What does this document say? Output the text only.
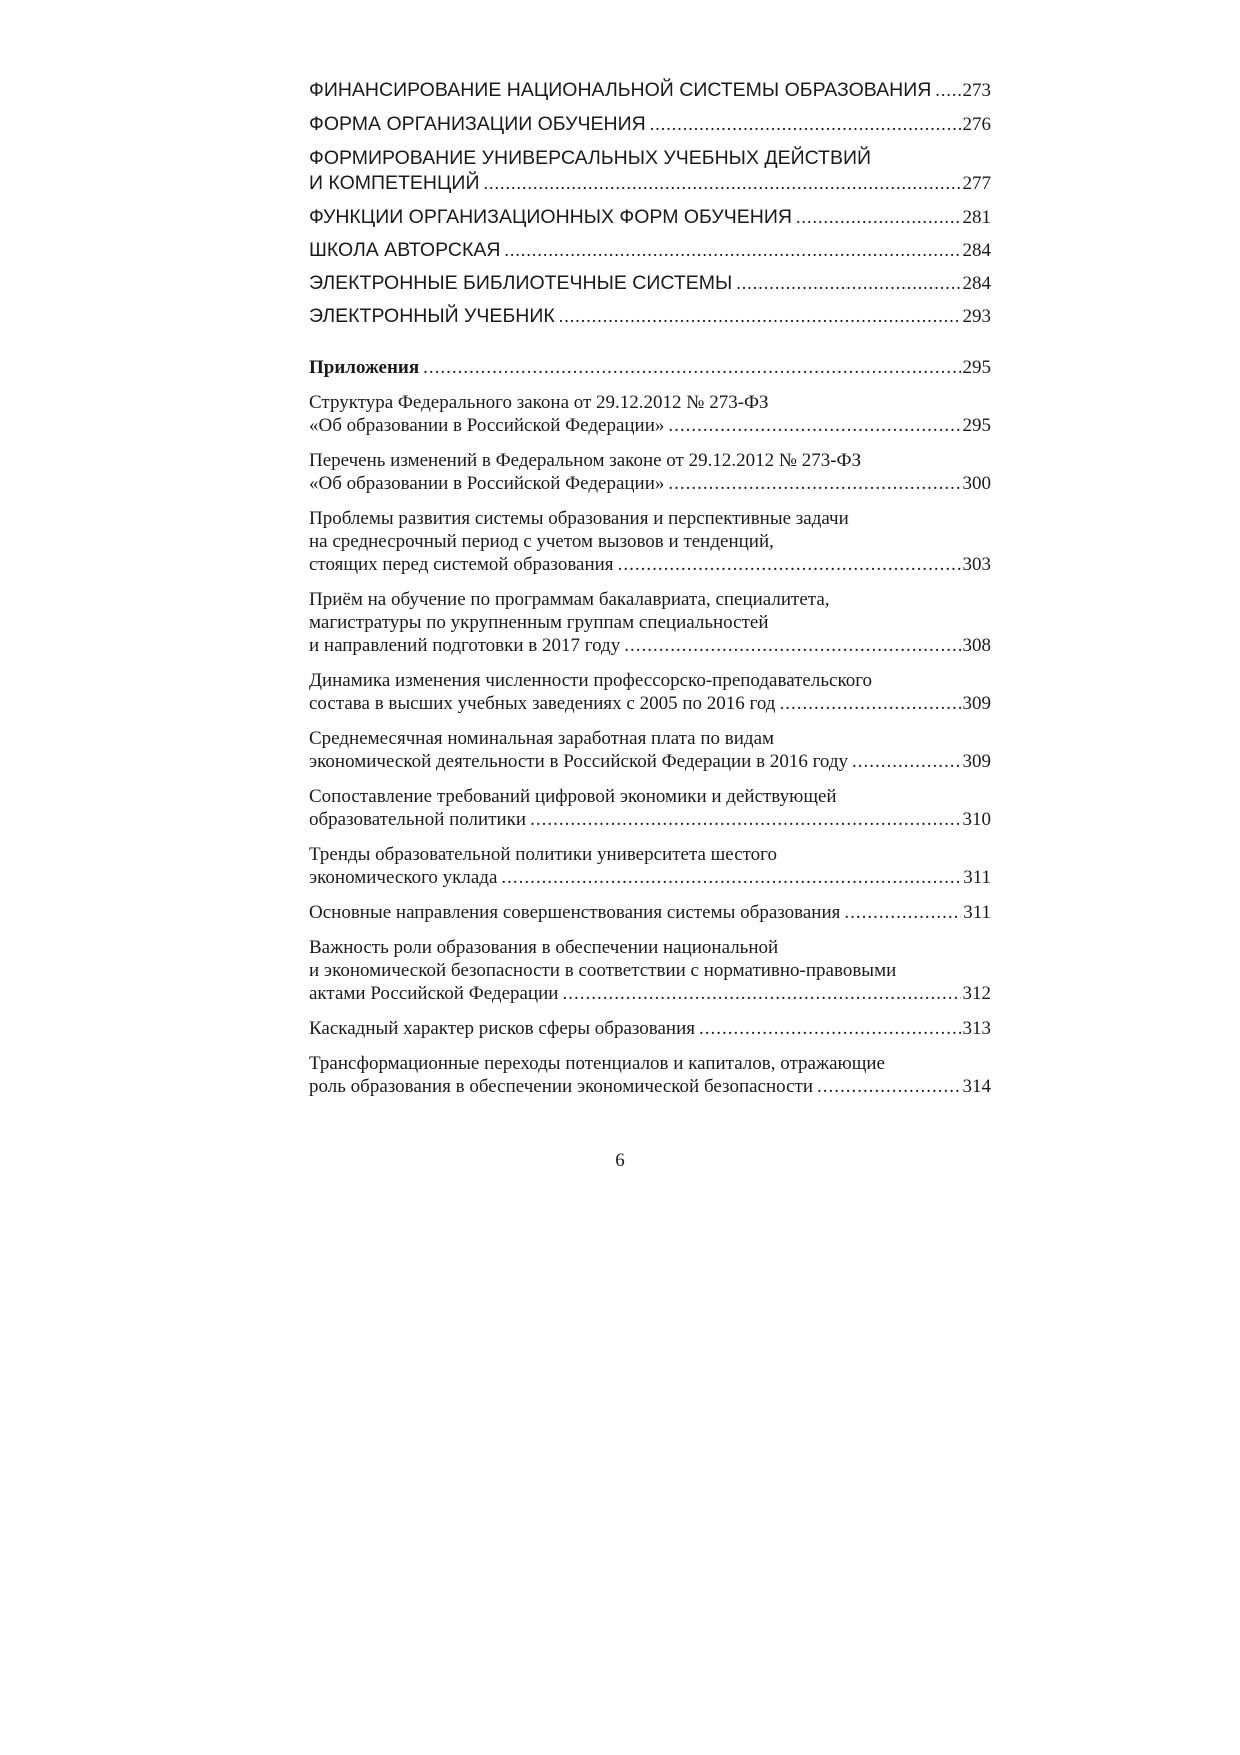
ФИНАНСИРОВАНИЕ НАЦИОНАЛЬНОЙ СИСТЕМЫ ОБРАЗОВАНИЯ ..... 273
ФОРМА ОРГАНИЗАЦИИ ОБУЧЕНИЯ .....	276
ФОРМИРОВАНИЕ УНИВЕРСАЛЬНЫХ УЧЕБНЫХ ДЕЙСТВИЙ
И КОМПЕТЕНЦИЙ .....	277
ФУНКЦИИ ОРГАНИЗАЦИОННЫХ ФОРМ ОБУЧЕНИЯ .....	281
ШКОЛА АВТОРСКАЯ .....	284
ЭЛЕКТРОННЫЕ БИБЛИОТЕЧНЫЕ СИСТЕМЫ .....	284
ЭЛЕКТРОННЫЙ УЧЕБНИК .....	293
Приложения .....	295
Структура Федерального закона от 29.12.2012 № 273-ФЗ
«Об образовании в Российской Федерации» .....	295
Перечень изменений в Федеральном законе от 29.12.2012 № 273-ФЗ
«Об образовании в Российской Федерации» .....	300
Проблемы развития системы образования и перспективные задачи
на среднесрочный период с учетом вызовов и тенденций,
стоящих перед системой образования .....	303
Приём на обучение по программам бакалавриата, специалитета,
магистратуры по укрупненным группам специальностей
и направлений подготовки в 2017 году .....	308
Динамика изменения численности профессорско-преподавательского
состава в высших учебных заведениях с 2005 по 2016 год .....	309
Среднемесячная номинальная заработная плата по видам
экономической деятельности в Российской Федерации в 2016 году .....	309
Сопоставление требований цифровой экономики и действующей
образовательной политики .....	310
Тренды образовательной политики университета шестого
экономического уклада .....	311
Основные направления совершенствования системы образования .....	311
Важность роли образования в обеспечении национальной
и экономической безопасности в соответствии с нормативно-правовыми
актами Российской Федерации .....	312
Каскадный характер рисков сферы образования .....	313
Трансформационные переходы потенциалов и капиталов, отражающие
роль образования в обеспечении экономической безопасности .....	314
6
